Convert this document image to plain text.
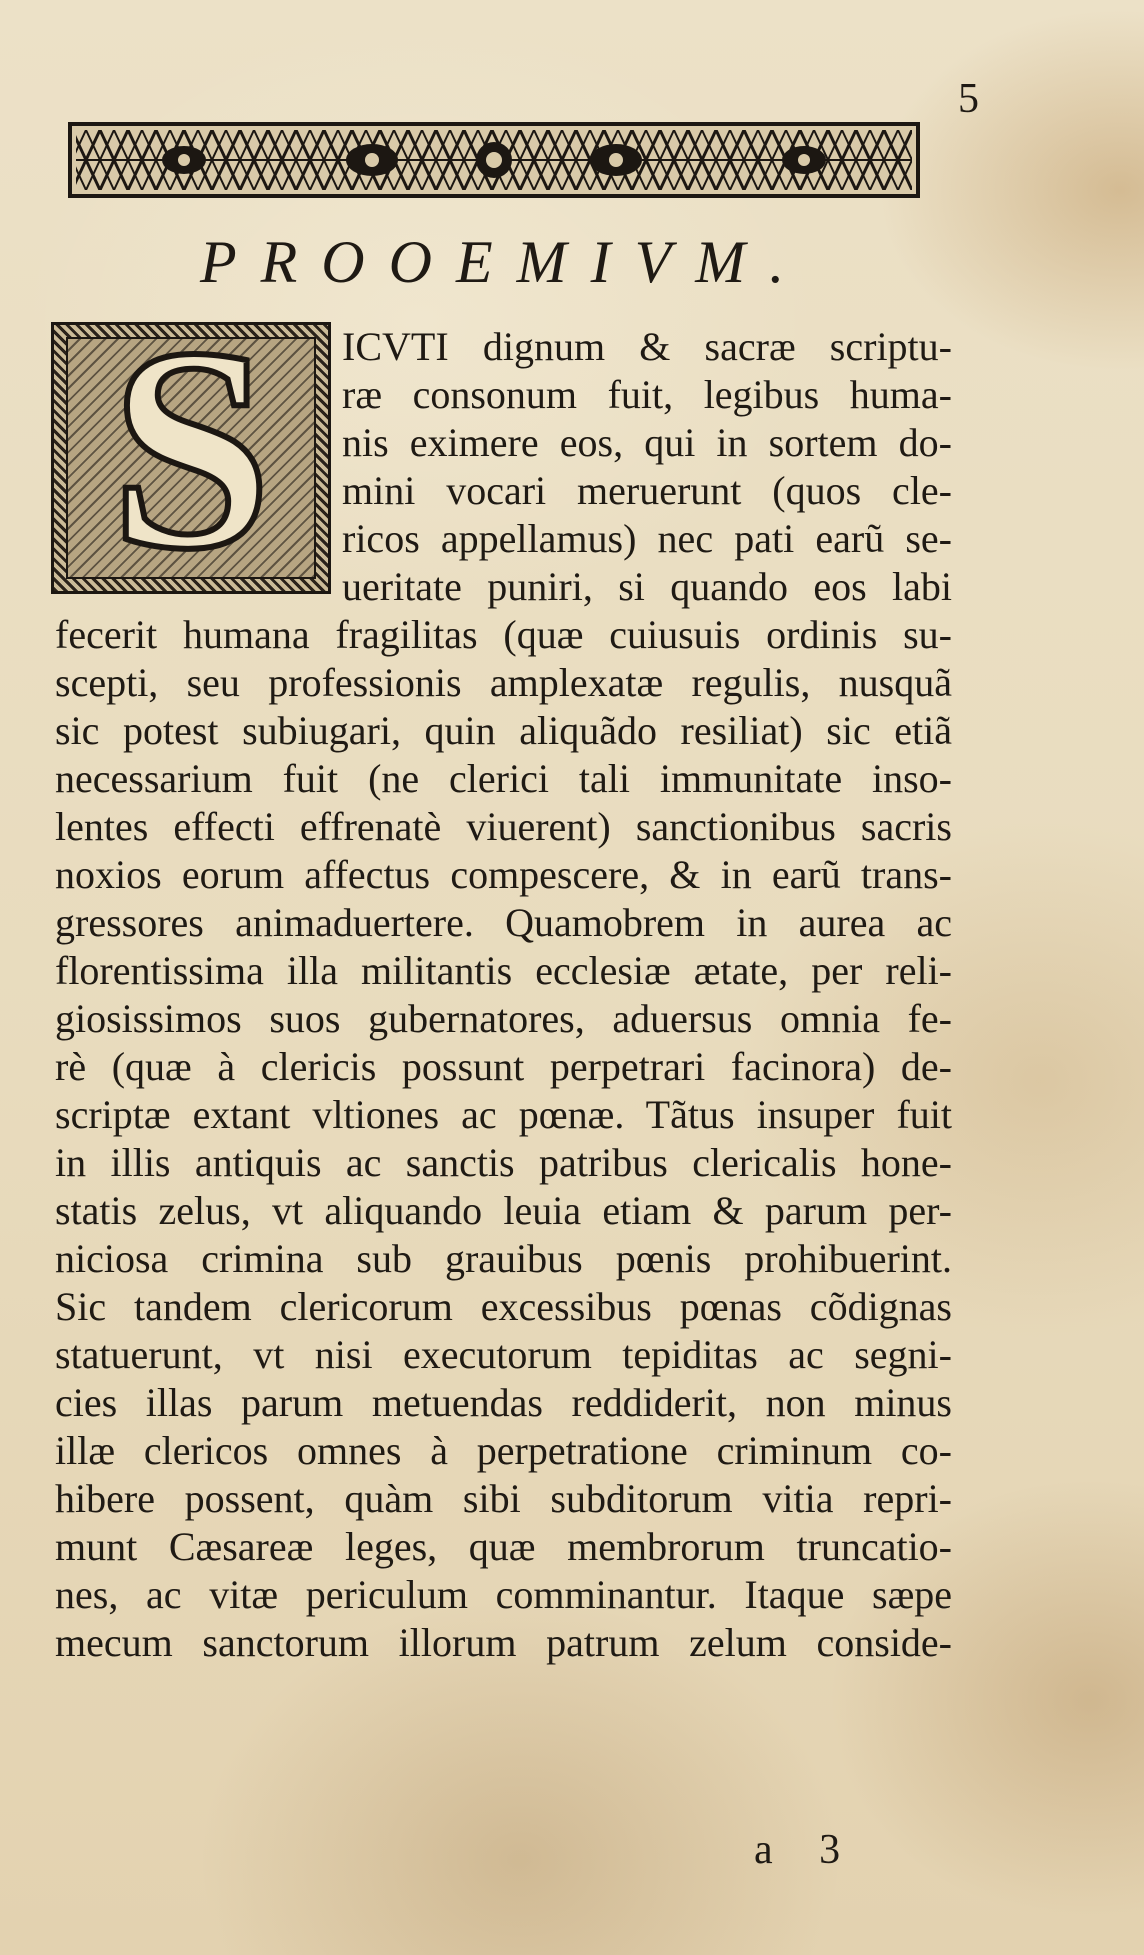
5
PROOEMIVM.
S ICVTI dignum & sacræ scriptu-
ræ consonum fuit, legibus huma-
nis eximere eos, qui in sortem do-
mini vocari meruerunt (quos cle-
ricos appellamus) nec pati earũ se-
ueritate puniri, si quando eos labi
fecerit humana fragilitas (quæ cuiusuis ordinis su-
scepti, seu professionis amplexatæ regulis, nusquã
sic potest subiugari, quin aliquãdo resiliat) sic etiã
necessarium fuit (ne clerici tali immunitate inso-
lentes effecti effrenatè viuerent) sanctionibus sacris
noxios eorum affectus compescere, & in earũ trans-
gressores animaduertere. Quamobrem in aurea ac
florentissima illa militantis ecclesiæ ætate, per reli-
giosissimos suos gubernatores, aduersus omnia fe-
rè (quæ à clericis possunt perpetrari facinora) de-
scriptæ extant vltiones ac pœnæ. Tãtus insuper fuit
in illis antiquis ac sanctis patribus clericalis hone-
statis zelus, vt aliquando leuia etiam & parum per-
niciosa crimina sub grauibus pœnis prohibuerint.
Sic tandem clericorum excessibus pœnas cõdignas
statuerunt, vt nisi executorum tepiditas ac segni-
cies illas parum metuendas reddiderit, non minus
illæ clericos omnes à perpetratione criminum co-
hibere possent, quàm sibi subditorum vitia repri-
munt Cæsareæ leges, quæ membrorum truncatio-
nes, ac vitæ periculum comminantur. Itaque sæpe
mecum sanctorum illorum patrum zelum conside-
a 3
